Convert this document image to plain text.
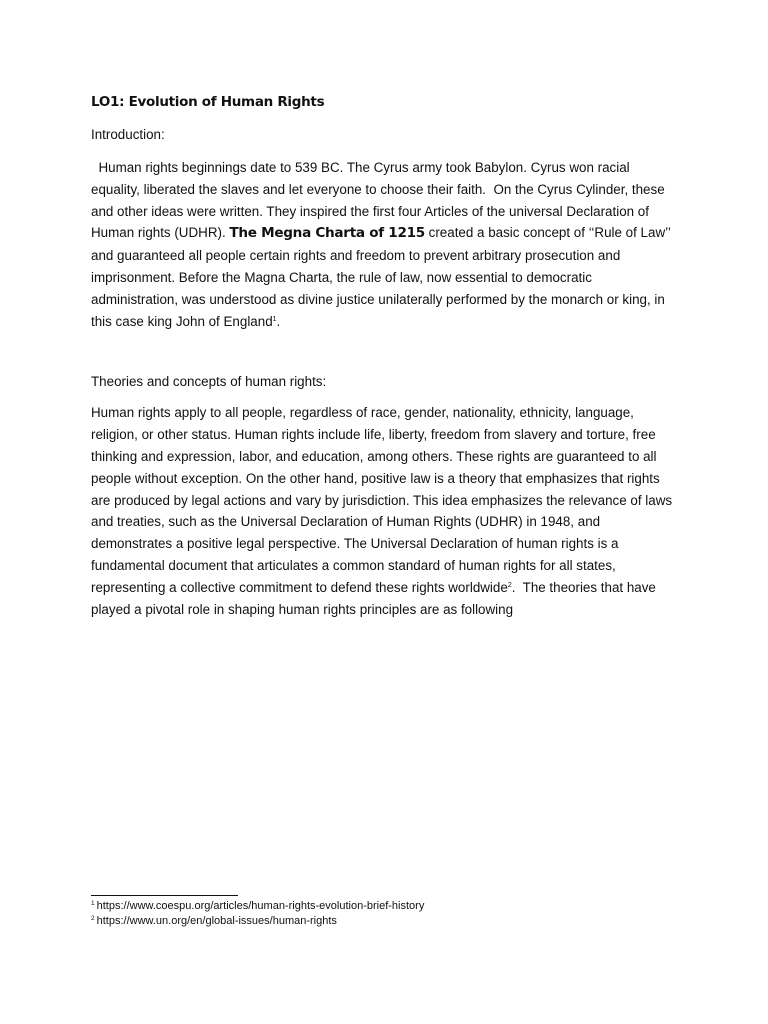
LO1: Evolution of Human Rights

Introduction:

Human rights beginnings date to 539 BC. The Cyrus army took Babylon. Cyrus won racial equality, liberated the slaves and let everyone to choose their faith.  On the Cyrus Cylinder, these and other ideas were written. They inspired the first four Articles of the universal Declaration of Human rights (UDHR). The Megna Charta of 1215 created a basic concept of ‘‘Rule of Law’’ and guaranteed all people certain rights and freedom to prevent arbitrary prosecution and imprisonment. Before the Magna Charta, the rule of law, now essential to democratic administration, was understood as divine justice unilaterally performed by the monarch or king, in this case king John of England$^1$.

Theories and concepts of human rights:

Human rights apply to all people, regardless of race, gender, nationality, ethnicity, language, religion, or other status. Human rights include life, liberty, freedom from slavery and torture, free thinking and expression, labor, and education, among others. These rights are guaranteed to all people without exception. On the other hand, positive law is a theory that emphasizes that rights are produced by legal actions and vary by jurisdiction. This idea emphasizes the relevance of laws and treaties, such as the Universal Declaration of Human Rights (UDHR) in 1948, and demonstrates a positive legal perspective. The Universal Declaration of human rights is a fundamental document that articulates a common standard of human rights for all states, representing a collective commitment to defend these rights worldwide$^2$.  The theories that have played a pivotal role in shaping human rights principles are as following

$^1$ https://www.coespu.org/articles/human-rights-evolution-brief-history

$^2$ https://www.un.org/en/global-issues/human-rights
